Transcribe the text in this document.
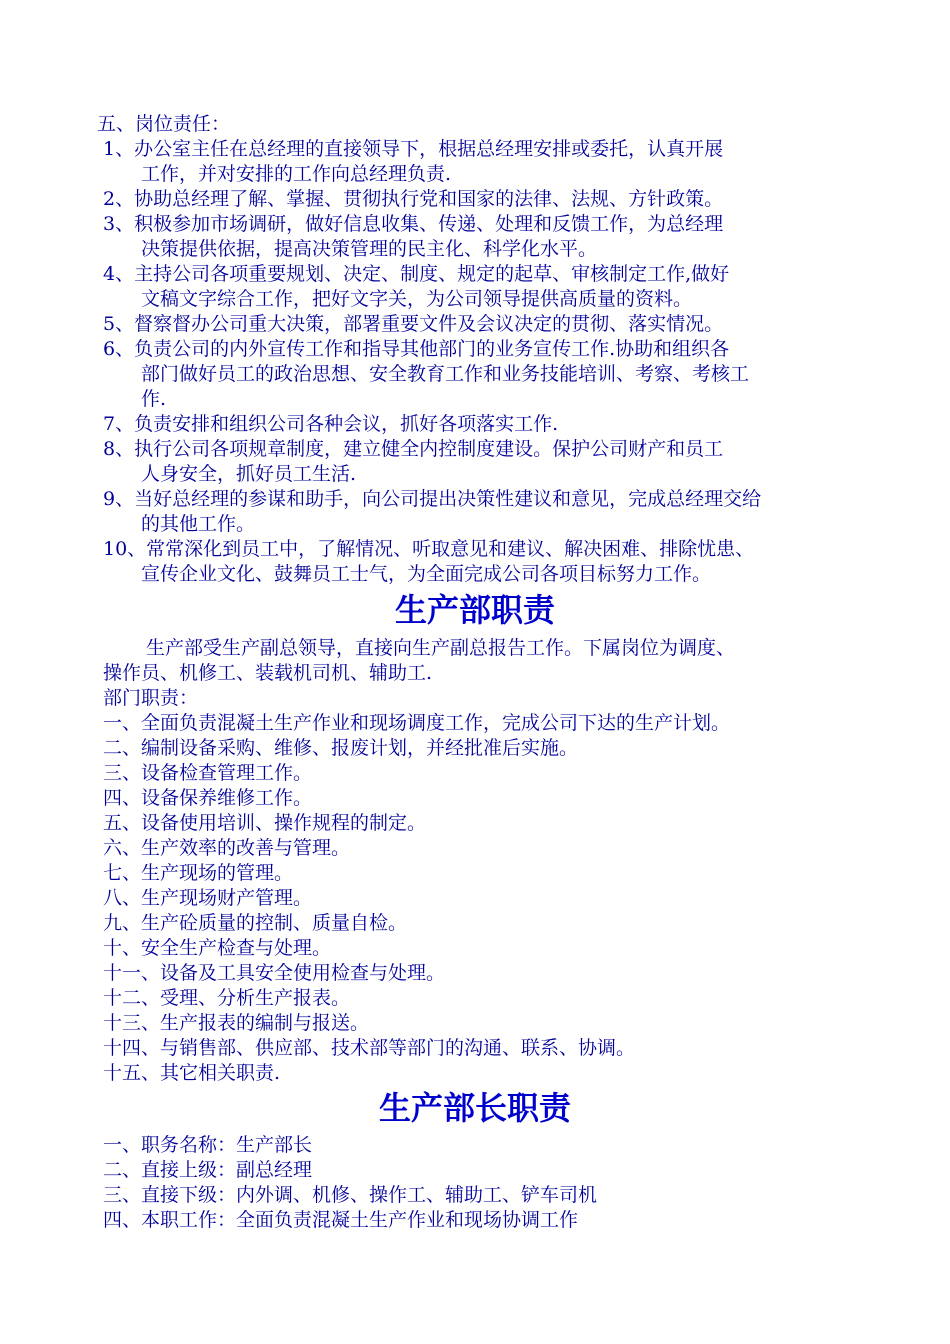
五、岗位责任：
1、办公室主任在总经理的直接领导下，根据总经理安排或委托，认真开展
工作，并对安排的工作向总经理负责.
2、协助总经理了解、掌握、贯彻执行党和国家的法律、法规、方针政策。
3、积极参加市场调研，做好信息收集、传递、处理和反馈工作，为总经理
决策提供依据，提高决策管理的民主化、科学化水平。
4、主持公司各项重要规划、决定、制度、规定的起草、审核制定工作,做好
文稿文字综合工作，把好文字关，为公司领导提供高质量的资料。
5、督察督办公司重大决策，部署重要文件及会议决定的贯彻、落实情况。
6、负责公司的内外宣传工作和指导其他部门的业务宣传工作.协助和组织各
部门做好员工的政治思想、安全教育工作和业务技能培训、考察、考核工
作.
7、负责安排和组织公司各种会议，抓好各项落实工作.
8、执行公司各项规章制度，建立健全内控制度建设。保护公司财产和员工
人身安全，抓好员工生活.
9、当好总经理的参谋和助手，向公司提出决策性建议和意见，完成总经理交给
的其他工作。
10、常常深化到员工中，了解情况、听取意见和建议、解决困难、排除忧患、
宣传企业文化、鼓舞员工士气，为全面完成公司各项目标努力工作。
生产部职责
生产部受生产副总领导，直接向生产副总报告工作。下属岗位为调度、
操作员、机修工、装载机司机、辅助工.
部门职责：
一、全面负责混凝土生产作业和现场调度工作，完成公司下达的生产计划。
二、编制设备采购、维修、报废计划，并经批准后实施。
三、设备检查管理工作。
四、设备保养维修工作。
五、设备使用培训、操作规程的制定。
六、生产效率的改善与管理。
七、生产现场的管理。
八、生产现场财产管理。
九、生产砼质量的控制、质量自检。
十、安全生产检查与处理。
十一、设备及工具安全使用检查与处理。
十二、受理、分析生产报表。
十三、生产报表的编制与报送。
十四、与销售部、供应部、技术部等部门的沟通、联系、协调。
十五、其它相关职责.
生产部长职责
一、职务名称：生产部长
二、直接上级：副总经理
三、直接下级：内外调、机修、操作工、辅助工、铲车司机
四、本职工作：全面负责混凝土生产作业和现场协调工作
